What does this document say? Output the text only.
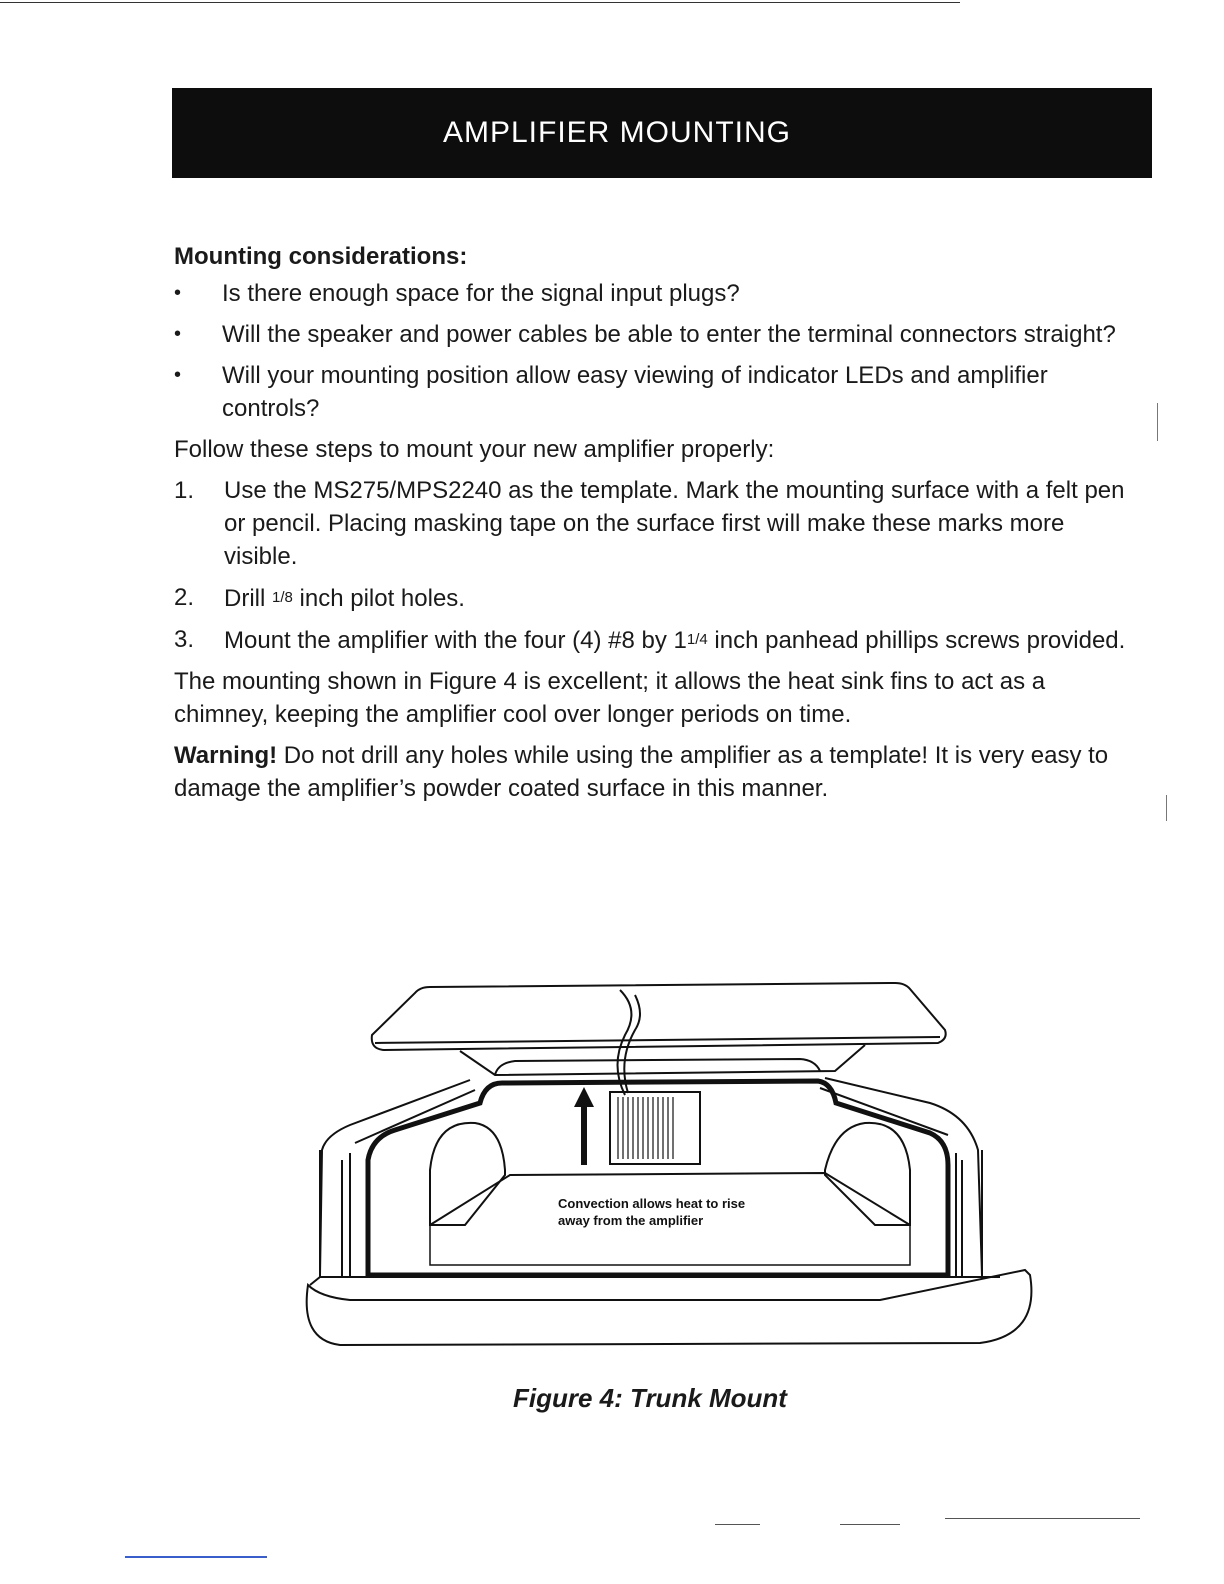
AMPLIFIER MOUNTING
Mounting considerations:
• Is there enough space for the signal input plugs?
• Will the speaker and power cables be able to enter the terminal connectors straight?
• Will your mounting position allow easy viewing of indicator LEDs and amplifier controls?
Follow these steps to mount your new amplifier properly:
1. Use the MS275/MPS2240 as the template. Mark the mounting surface with a felt pen or pencil. Placing masking tape on the surface first will make these marks more visible.
2. Drill 1/8 inch pilot holes.
3. Mount the amplifier with the four (4) #8 by 11/4 inch panhead phillips screws provided.
The mounting shown in Figure 4 is excellent; it allows the heat sink fins to act as a chimney, keeping the amplifier cool over longer periods on time.
Warning! Do not drill any holes while using the amplifier as a template! It is very easy to damage the amplifier’s powder coated surface in this manner.
Convection allows heat to rise
away from the amplifier
Figure 4: Trunk Mount
